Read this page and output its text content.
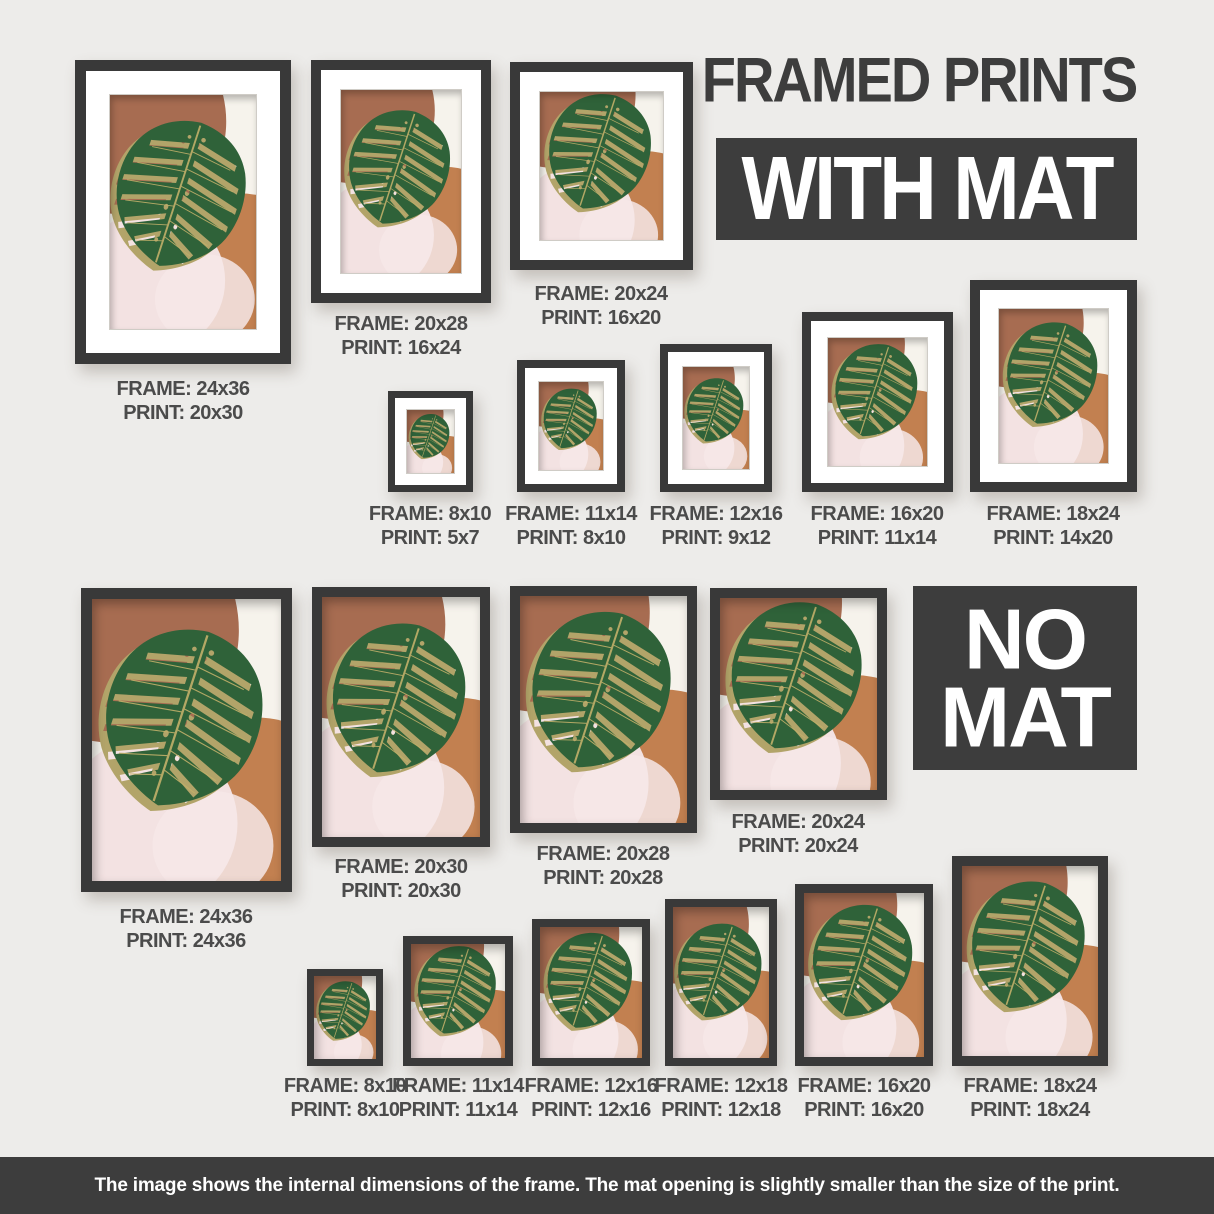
FRAMED PRINTS
WITH MAT
FRAME: 24x36
PRINT: 20x30
FRAME: 20x28
PRINT: 16x24
FRAME: 20x24
PRINT: 16x20
FRAME: 8x10
PRINT: 5x7
FRAME: 11x14
PRINT: 8x10
FRAME: 12x16
PRINT: 9x12
FRAME: 16x20
PRINT: 11x14
FRAME: 18x24
PRINT: 14x20
NO
MAT
FRAME: 24x36
PRINT: 24x36
FRAME: 20x30
PRINT: 20x30
FRAME: 20x28
PRINT: 20x28
FRAME: 20x24
PRINT: 20x24
FRAME: 8x10
PRINT: 8x10
FRAME: 11x14
PRINT: 11x14
FRAME: 12x16
PRINT: 12x16
FRAME: 12x18
PRINT: 12x18
FRAME: 16x20
PRINT: 16x20
FRAME: 18x24
PRINT: 18x24
The image shows the internal dimensions of the frame. The mat opening is slightly smaller than the size of the print.
